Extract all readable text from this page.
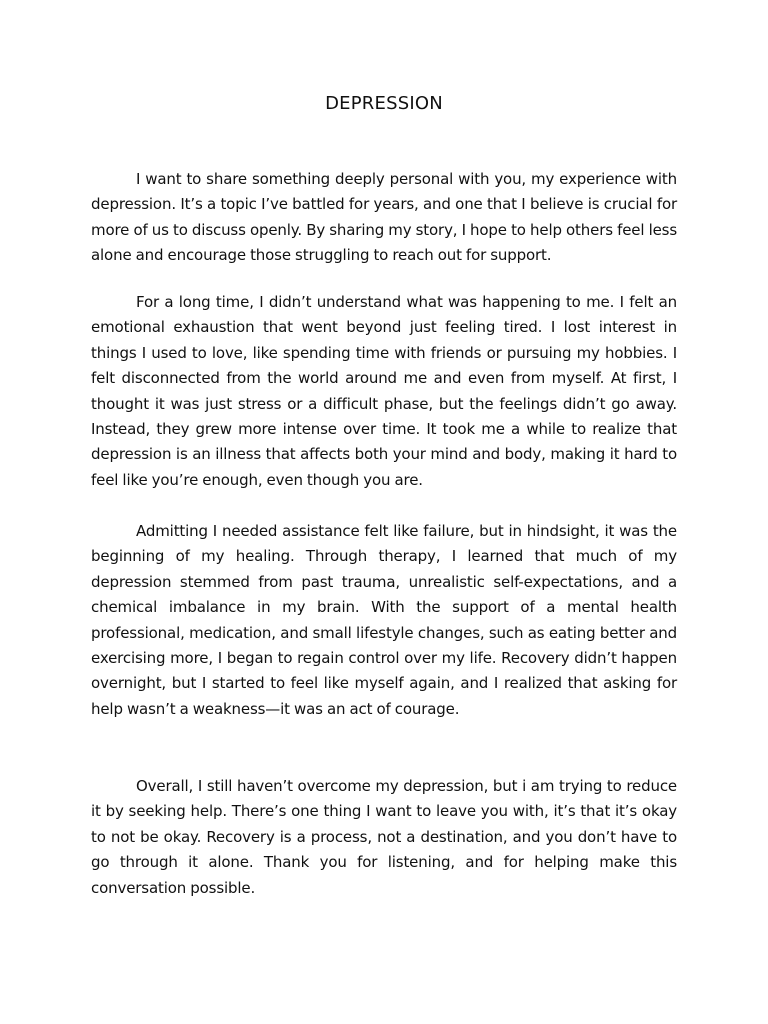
DEPRESSION

I want to share something deeply personal with you, my experience with depression. It’s a topic I’ve battled for years, and one that I believe is crucial for more of us to discuss openly. By sharing my story, I hope to help others feel less alone and encourage those struggling to reach out for support.

For a long time, I didn’t understand what was happening to me. I felt an emotional exhaustion that went beyond just feeling tired. I lost interest in things I used to love, like spending time with friends or pursuing my hobbies. I felt disconnected from the world around me and even from myself. At first, I thought it was just stress or a difficult phase, but the feelings didn’t go away. Instead, they grew more intense over time. It took me a while to realize that depression is an illness that affects both your mind and body, making it hard to feel like you’re enough, even though you are.

Admitting I needed assistance felt like failure, but in hindsight, it was the beginning of my healing. Through therapy, I learned that much of my depression stemmed from past trauma, unrealistic self-expectations, and a chemical imbalance in my brain. With the support of a mental health professional, medication, and small lifestyle changes, such as eating better and exercising more, I began to regain control over my life. Recovery didn’t happen overnight, but I started to feel like myself again, and I realized that asking for help wasn’t a weakness—it was an act of courage.

Overall, I still haven’t overcome my depression, but i am trying to reduce it by seeking help. There’s one thing I want to leave you with, it’s that it’s okay to not be okay. Recovery is a process, not a destination, and you don’t have to go through it alone. Thank you for listening, and for helping make this conversation possible.
